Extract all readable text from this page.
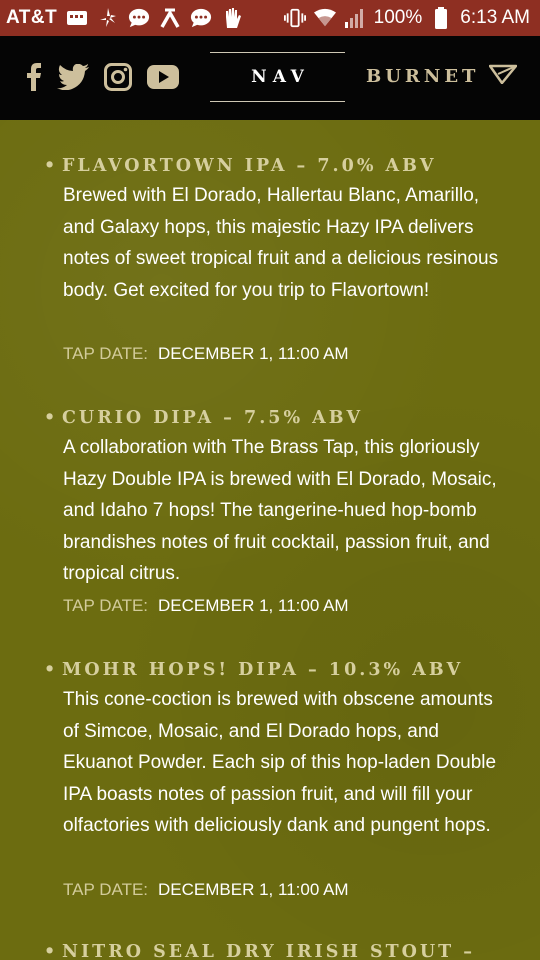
AT&T	100% 6:13 AM
NAV	BURNET
• FLAVORTOWN IPA – 7.0% ABV
Brewed with El Dorado, Hallertau Blanc, Amarillo, and Galaxy hops, this majestic Hazy IPA delivers notes of sweet tropical fruit and a delicious resinous body. Get excited for you trip to Flavortown!
TAP DATE: DECEMBER 1, 11:00 AM
• CURIO DIPA – 7.5% ABV
A collaboration with The Brass Tap, this gloriously Hazy Double IPA is brewed with El Dorado, Mosaic, and Idaho 7 hops! The tangerine-hued hop-bomb brandishes notes of fruit cocktail, passion fruit, and tropical citrus.
TAP DATE: DECEMBER 1, 11:00 AM
• MOHR HOPS! DIPA – 10.3% ABV
This cone-coction is brewed with obscene amounts of Simcoe, Mosaic, and El Dorado hops, and Ekuanot Powder. Each sip of this hop-laden Double IPA boasts notes of passion fruit, and will fill your olfactories with deliciously dank and pungent hops.
TAP DATE: DECEMBER 1, 11:00 AM
• NITRO SEAL DRY IRISH STOUT –
